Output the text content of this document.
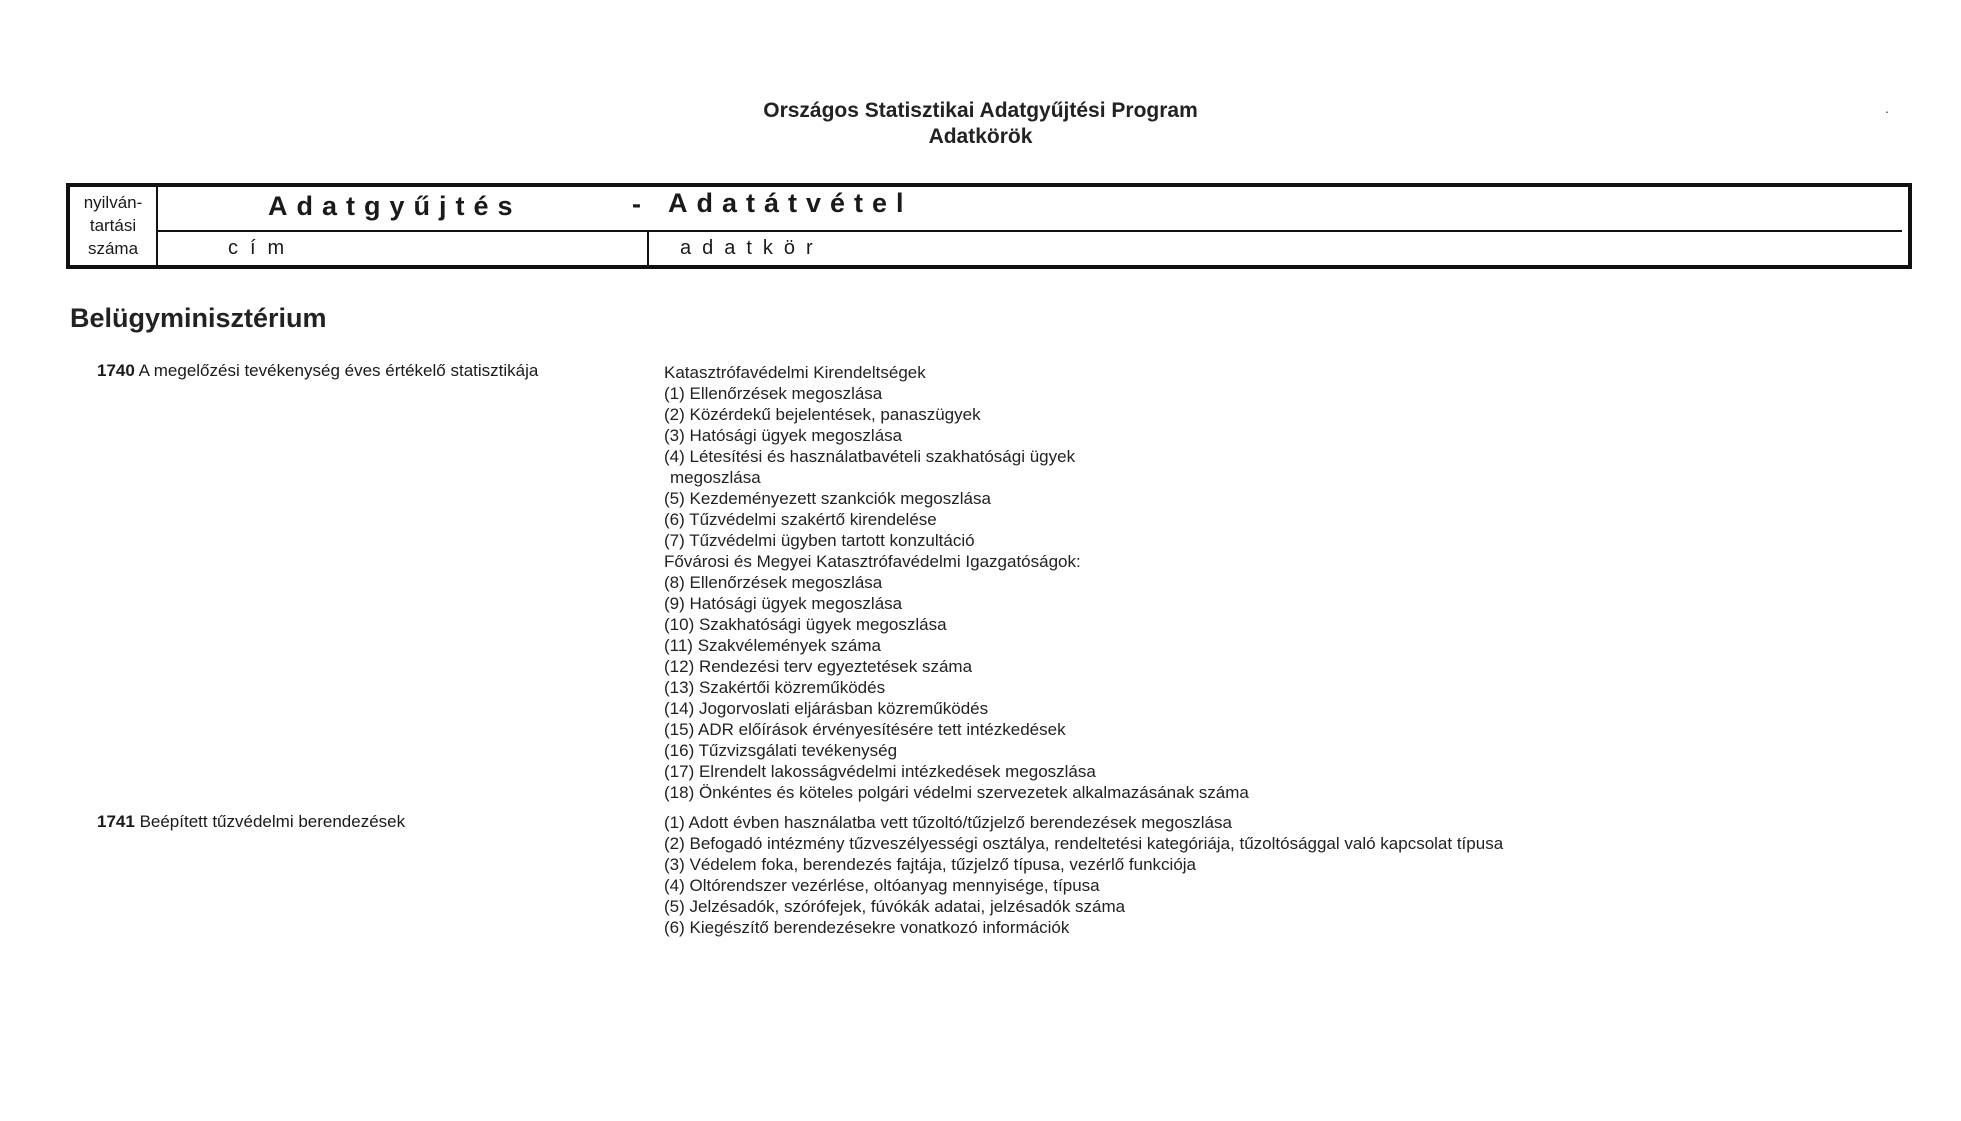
Országos Statisztikai Adatgyűjtési Program
Adatkörök
.
nyilván-
tartási
száma
Adatgyűjtés	- Adatátvétel
cím	adatkör
Belügyminisztérium
1740 A megelőzési tevékenység éves értékelő statisztikája	Katasztrófavédelmi Kirendeltségek
(1) Ellenőrzések megoszlása
(2) Közérdekű bejelentések, panaszügyek
(3) Hatósági ügyek megoszlása
(4) Létesítési és használatbavételi szakhatósági ügyek
megoszlása
(5) Kezdeményezett szankciók megoszlása
(6) Tűzvédelmi szakértő kirendelése
(7) Tűzvédelmi ügyben tartott konzultáció
Fővárosi és Megyei Katasztrófavédelmi Igazgatóságok:
(8) Ellenőrzések megoszlása
(9) Hatósági ügyek megoszlása
(10) Szakhatósági ügyek megoszlása
(11) Szakvélemények száma
(12) Rendezési terv egyeztetések száma
(13) Szakértői közreműködés
(14) Jogorvoslati eljárásban közreműködés
(15) ADR előírások érvényesítésére tett intézkedések
(16) Tűzvizsgálati tevékenység
(17) Elrendelt lakosságvédelmi intézkedések megoszlása
(18) Önkéntes és köteles polgári védelmi szervezetek alkalmazásának száma
1741 Beépített tűzvédelmi berendezések	(1) Adott évben használatba vett tűzoltó/tűzjelző berendezések megoszlása
(2) Befogadó intézmény tűzveszélyességi osztálya, rendeltetési kategóriája, tűzoltósággal való kapcsolat típusa
(3) Védelem foka, berendezés fajtája, tűzjelző típusa, vezérlő funkciója
(4) Oltórendszer vezérlése, oltóanyag mennyisége, típusa
(5) Jelzésadók, szórófejek, fúvókák adatai, jelzésadók száma
(6) Kiegészítő berendezésekre vonatkozó információk
